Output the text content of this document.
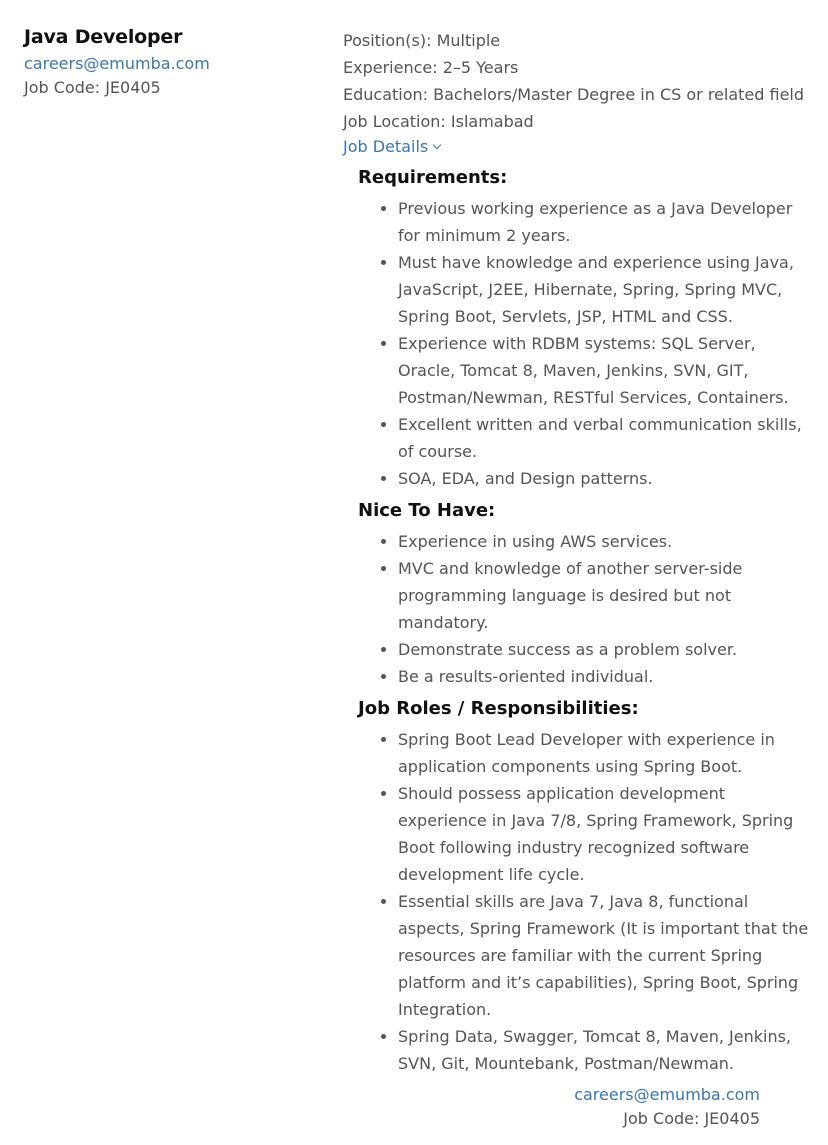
Java Developer
careers@emumba.com
Job Code: JE0405
Position(s): Multiple
Experience: 2–5 Years
Education: Bachelors/Master Degree in CS or related field
Job Location: Islamabad
Job Details
Requirements:
Previous working experience as a Java Developer for minimum 2 years.
Must have knowledge and experience using Java, JavaScript, J2EE, Hibernate, Spring, Spring MVC, Spring Boot, Servlets, JSP, HTML and CSS.
Experience with RDBM systems: SQL Server, Oracle, Tomcat 8, Maven, Jenkins, SVN, GIT, Postman/Newman, RESTful Services, Containers.
Excellent written and verbal communication skills, of course.
SOA, EDA, and Design patterns.
Nice To Have:
Experience in using AWS services.
MVC and knowledge of another server-side programming language is desired but not mandatory.
Demonstrate success as a problem solver.
Be a results-oriented individual.
Job Roles / Responsibilities:
Spring Boot Lead Developer with experience in application components using Spring Boot.
Should possess application development experience in Java 7/8, Spring Framework, Spring Boot following industry recognized software development life cycle.
Essential skills are Java 7, Java 8, functional aspects, Spring Framework (It is important that the resources are familiar with the current Spring platform and it’s capabilities), Spring Boot, Spring Integration.
Spring Data, Swagger, Tomcat 8, Maven, Jenkins, SVN, Git, Mountebank, Postman/Newman.
careers@emumba.com
Job Code: JE0405
